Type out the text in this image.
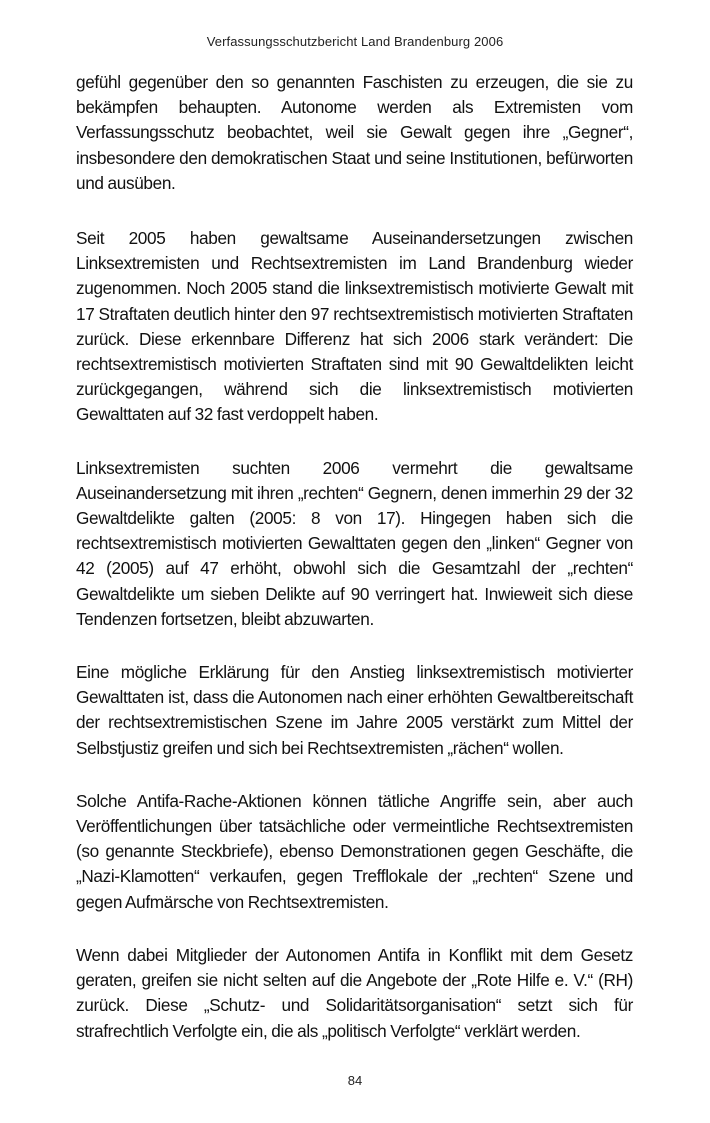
Verfassungsschutzbericht Land Brandenburg 2006

gefühl gegenüber den so genannten Faschisten zu erzeugen, die sie zu bekämpfen behaupten. Autonome werden als Extremisten vom Verfassungsschutz beobachtet, weil sie Gewalt gegen ihre „Gegner“, insbesondere den demokratischen Staat und seine Institutionen, befürworten und ausüben.

Seit 2005 haben gewaltsame Auseinandersetzungen zwischen Linksextremisten und Rechtsextremisten im Land Brandenburg wieder zugenommen. Noch 2005 stand die linksextremistisch motivierte Gewalt mit 17 Straftaten deutlich hinter den 97 rechtsextremistisch motivierten Straftaten zurück. Diese erkennbare Differenz hat sich 2006 stark verändert: Die rechtsextremistisch motivierten Straftaten sind mit 90 Gewaltdelikten leicht zurückgegangen, während sich die linksextremistisch motivierten Gewalttaten auf 32 fast verdoppelt haben.

Linksextremisten suchten 2006 vermehrt die gewaltsame Auseinandersetzung mit ihren „rechten“ Gegnern, denen immerhin 29 der 32 Gewaltdelikte galten (2005: 8 von 17). Hingegen haben sich die rechtsextremistisch motivierten Gewalttaten gegen den „linken“ Gegner von 42 (2005) auf 47 erhöht, obwohl sich die Gesamtzahl der „rechten“ Gewaltdelikte um sieben Delikte auf 90 verringert hat. Inwieweit sich diese Tendenzen fortsetzen, bleibt abzuwarten.

Eine mögliche Erklärung für den Anstieg linksextremistisch motivierter Gewalttaten ist, dass die Autonomen nach einer erhöhten Gewaltbereitschaft der rechtsextremistischen Szene im Jahre 2005 verstärkt zum Mittel der Selbstjustiz greifen und sich bei Rechtsextremisten „rächen“ wollen.

Solche Antifa-Rache-Aktionen können tätliche Angriffe sein, aber auch Veröffentlichungen über tatsächliche oder vermeintliche Rechtsextremisten (so genannte Steckbriefe), ebenso Demonstrationen gegen Geschäfte, die „Nazi-Klamotten“ verkaufen, gegen Trefflokale der „rechten“ Szene und gegen Aufmärsche von Rechtsextremisten.

Wenn dabei Mitglieder der Autonomen Antifa in Konflikt mit dem Gesetz geraten, greifen sie nicht selten auf die Angebote der „Rote Hilfe e. V.“ (RH) zurück. Diese „Schutz- und Solidaritätsorganisation“ setzt sich für strafrechtlich Verfolgte ein, die als „politisch Verfolgte“ verklärt werden.

84
